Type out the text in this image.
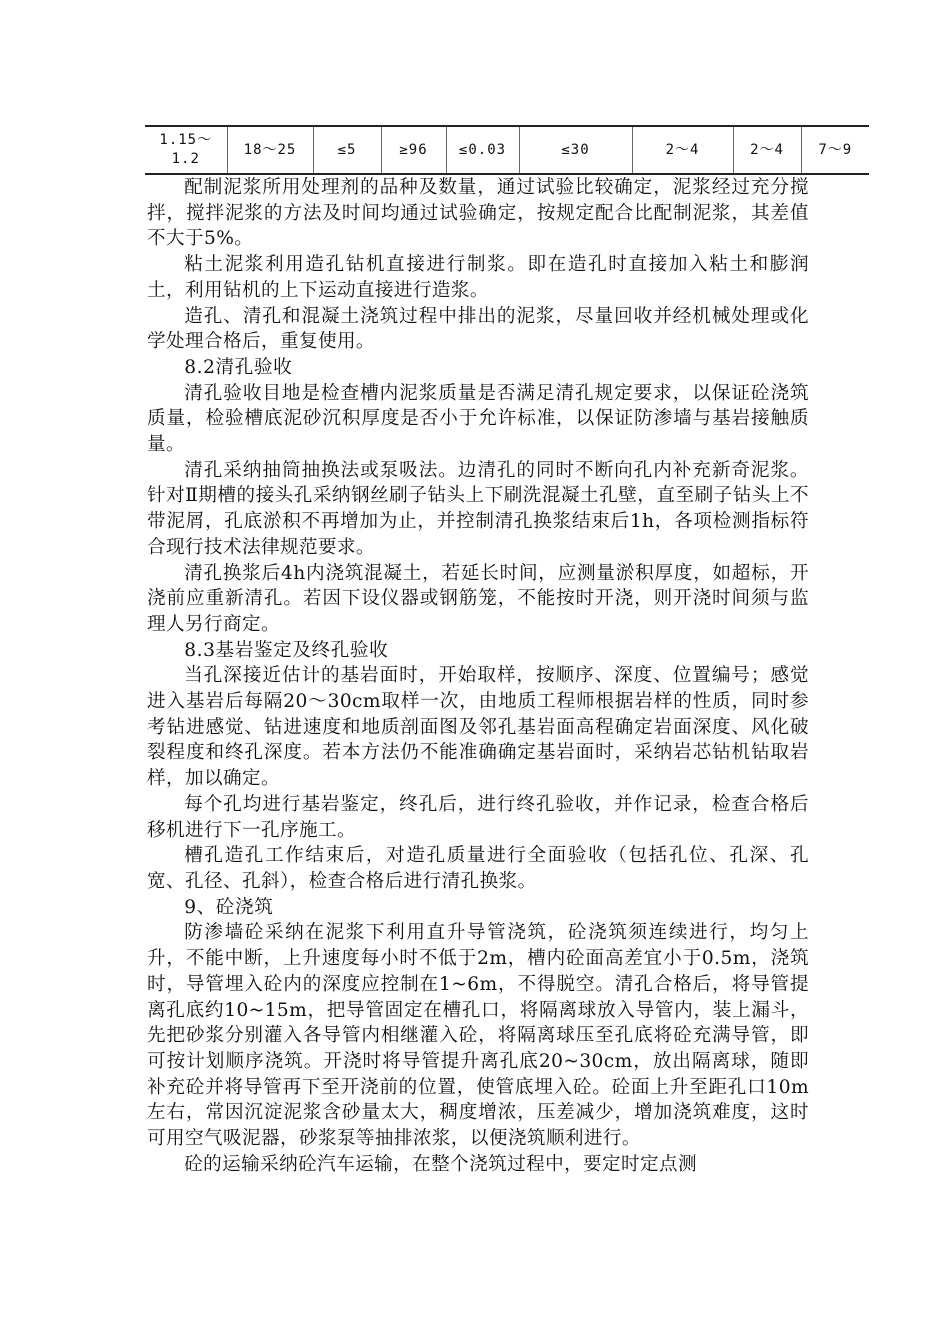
1.15～
1.2	18～25	≤5	≥96	≤0.03	≤30	2～4	2～4	7～9

配制泥浆所用处理剂的品种及数量，通过试验比较确定，泥浆经过充分搅拌，搅拌泥浆的方法及时间均通过试验确定，按规定配合比配制泥浆，其差值不大于5%。

粘土泥浆利用造孔钻机直接进行制浆。即在造孔时直接加入粘土和膨润土，利用钻机的上下运动直接进行造浆。

造孔、清孔和混凝土浇筑过程中排出的泥浆，尽量回收并经机械处理或化学处理合格后，重复使用。

8.2清孔验收

清孔验收目地是检查槽内泥浆质量是否满足清孔规定要求，以保证砼浇筑质量，检验槽底泥砂沉积厚度是否小于允许标准，以保证防渗墙与基岩接触质量。

清孔采纳抽筒抽换法或泵吸法。边清孔的同时不断向孔内补充新奇泥浆。针对Ⅱ期槽的接头孔采纳钢丝刷子钻头上下刷洗混凝土孔壁，直至刷子钻头上不带泥屑，孔底淤积不再增加为止，并控制清孔换浆结束后1h，各项检测指标符合现行技术法律规范要求。

清孔换浆后4h内浇筑混凝土，若延长时间，应测量淤积厚度，如超标，开浇前应重新清孔。若因下设仪器或钢筋笼，不能按时开浇，则开浇时间须与监理人另行商定。

8.3基岩鉴定及终孔验收

当孔深接近估计的基岩面时，开始取样，按顺序、深度、位置编号；感觉进入基岩后每隔20～30cm取样一次，由地质工程师根据岩样的性质，同时参考钻进感觉、钻进速度和地质剖面图及邻孔基岩面高程确定岩面深度、风化破裂程度和终孔深度。若本方法仍不能准确确定基岩面时，采纳岩芯钻机钻取岩样，加以确定。

每个孔均进行基岩鉴定，终孔后，进行终孔验收，并作记录，检查合格后移机进行下一孔序施工。

槽孔造孔工作结束后，对造孔质量进行全面验收（包括孔位、孔深、孔宽、孔径、孔斜），检查合格后进行清孔换浆。

9、砼浇筑

防渗墙砼采纳在泥浆下利用直升导管浇筑，砼浇筑须连续进行，均匀上升，不能中断，上升速度每小时不低于2m，槽内砼面高差宜小于0.5m，浇筑时，导管埋入砼内的深度应控制在1~6m，不得脱空。清孔合格后，将导管提离孔底约10~15m，把导管固定在槽孔口，将隔离球放入导管内，装上漏斗，先把砂浆分别灌入各导管内相继灌入砼，将隔离球压至孔底将砼充满导管，即可按计划顺序浇筑。开浇时将导管提升离孔底20~30cm，放出隔离球，随即补充砼并将导管再下至开浇前的位置，使管底埋入砼。砼面上升至距孔口10m左右，常因沉淀泥浆含砂量太大，稠度增浓，压差减少，增加浇筑难度，这时可用空气吸泥器，砂浆泵等抽排浓浆，以便浇筑顺利进行。

砼的运输采纳砼汽车运输，在整个浇筑过程中，要定时定点测
